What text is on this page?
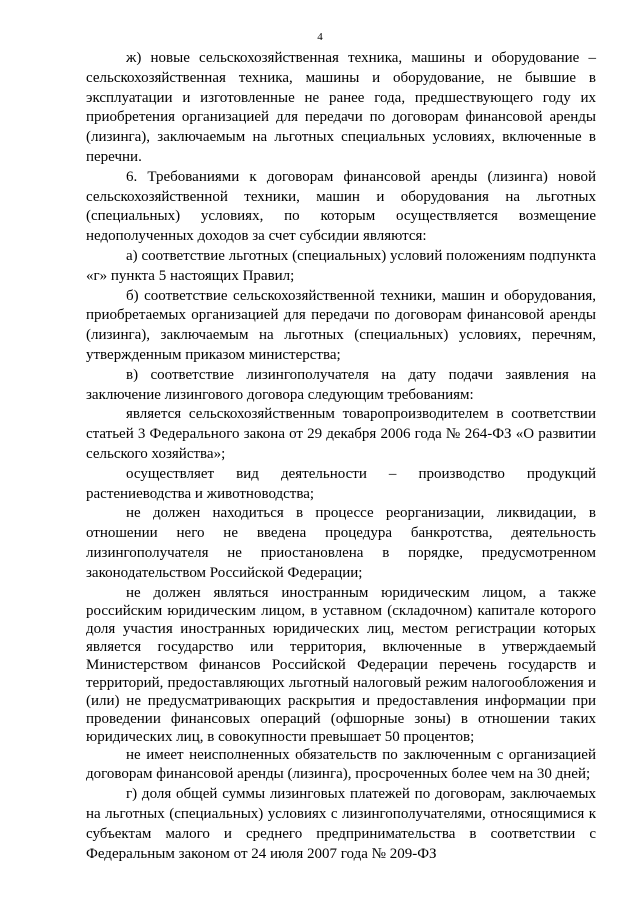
4

ж) новые сельскохозяйственная техника, машины и оборудование – сельскохозяйственная техника, машины и оборудование, не бывшие в эксплуатации и изготовленные не ранее года, предшествующего году их приобретения организацией для передачи по договорам финансовой аренды (лизинга), заключаемым на льготных специальных условиях, включенные в перечни.

6. Требованиями к договорам финансовой аренды (лизинга) новой сельскохозяйственной техники, машин и оборудования на льготных (специальных) условиях, по которым осуществляется возмещение недополученных доходов за счет субсидии являются:

а) соответствие льготных (специальных) условий положениям подпункта «г» пункта 5 настоящих Правил;

б) соответствие сельскохозяйственной техники, машин и оборудования, приобретаемых организацией для передачи по договорам финансовой аренды (лизинга), заключаемым на льготных (специальных) условиях, перечням, утвержденным приказом министерства;

в) соответствие лизингополучателя на дату подачи заявления на заключение лизингового договора следующим требованиям:

является сельскохозяйственным товаропроизводителем в соответствии статьей 3 Федерального закона от 29 декабря 2006 года № 264-ФЗ «О развитии сельского хозяйства»;

осуществляет вид деятельности – производство продукций растениеводства и животноводства;

не должен находиться в процессе реорганизации, ликвидации, в отношении него не введена процедура банкротства, деятельность лизингополучателя не приостановлена в порядке, предусмотренном законодательством Российской Федерации;

не должен являться иностранным юридическим лицом, а также российским юридическим лицом, в уставном (складочном) капитале которого доля участия иностранных юридических лиц, местом регистрации которых является государство или территория, включенные в утверждаемый Министерством финансов Российской Федерации перечень государств и территорий, предоставляющих льготный налоговый режим налогообложения и (или) не предусматривающих раскрытия и предоставления информации при проведении финансовых операций (офшорные зоны) в отношении таких юридических лиц, в совокупности превышает 50 процентов;

не имеет неисполненных обязательств по заключенным с организацией договорам финансовой аренды (лизинга), просроченных более чем на 30 дней;

г) доля общей суммы лизинговых платежей по договорам, заключаемых на льготных (специальных) условиях с лизингополучателями, относящимися к субъектам малого и среднего предпринимательства в соответствии с Федеральным законом от 24 июля 2007 года № 209-ФЗ
